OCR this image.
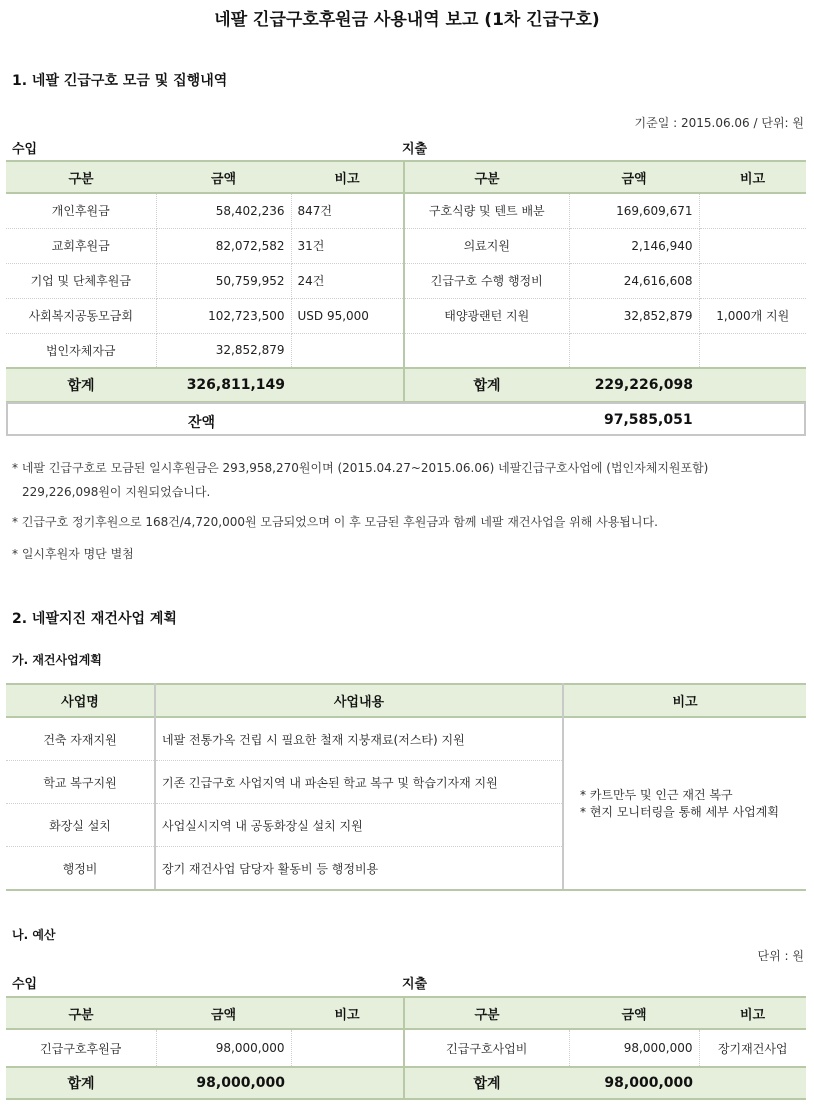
네팔 긴급구호후원금 사용내역 보고 (1차 긴급구호)
1. 네팔 긴급구호 모금 및 집행내역
기준일 : 2015.06.06 / 단위: 원
수입	지출
구분	금액	비고	구분	금액	비고
개인후원금	58,402,236	847건	구호식량 및 텐트 배분	169,609,671	
교회후원금	82,072,582	31건	의료지원	2,146,940	
기업 및 단체후원금	50,759,952	24건	긴급구호 수행 행정비	24,616,608	
사회복지공동모금회	102,723,500	USD 95,000	태양광랜턴 지원	32,852,879	1,000개 지원
법인자체자금	32,852,879				
합계	326,811,149		합계	229,226,098	
잔액	97,585,051
* 네팔 긴급구호로 모금된 일시후원금은 293,958,270원이며 (2015.04.27~2015.06.06) 네팔긴급구호사업에 (법인자체지원포함)
229,226,098원이 지원되었습니다.
* 긴급구호 정기후원으로 168건/4,720,000원 모금되었으며 이 후 모금된 후원금과 함께 네팔 재건사업을 위해 사용됩니다.
* 일시후원자 명단 별첨
2. 네팔지진 재건사업 계획
가. 재건사업계획
사업명	사업내용	비고
건축 자재지원	네팔 전통가옥 건립 시 필요한 철재 지붕재료(저스타) 지원	* 카트만두 및 인근 재건 복구
* 현지 모니터링을 통해 세부 사업계획

학교 복구지원	기존 긴급구호 사업지역 내 파손된 학교 복구 및 학습기자재 지원	
화장실 설치	사업실시지역 내 공동화장실 설치 지원	
행정비	장기 재건사업 담당자 활동비 등 행정비용	
나. 예산
단위 : 원
수입	지출
구분	금액	비고	구분	금액	비고
긴급구호후원금	98,000,000		긴급구호사업비	98,000,000	장기재건사업
합계	98,000,000		합계	98,000,000	
